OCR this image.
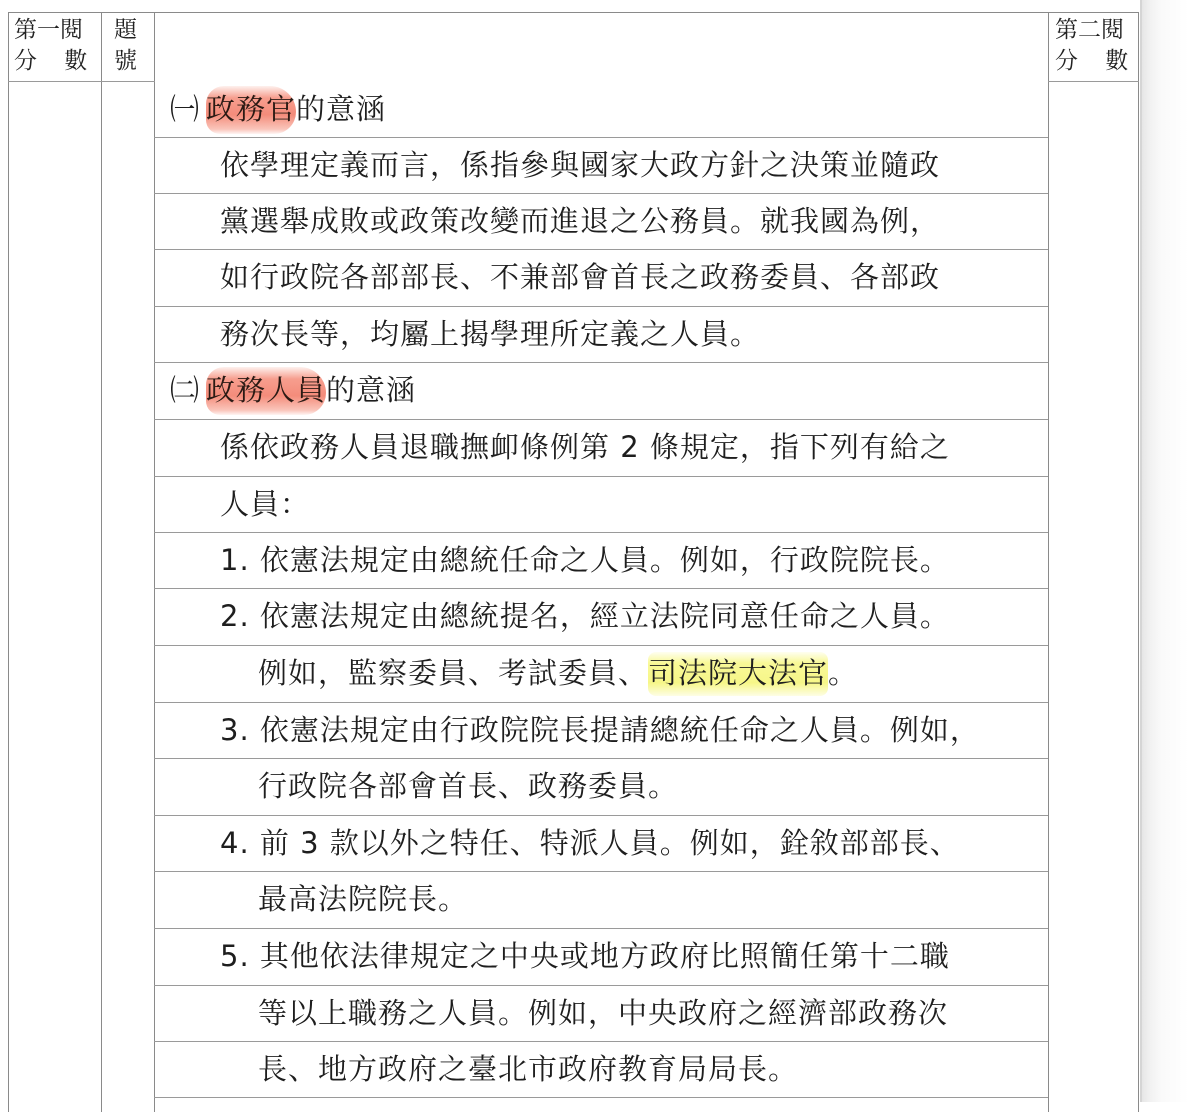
第一閱
分 數
題
號
第二閱
分 數
㈠ 政務官的意涵
依學理定義而言，係指參與國家大政方針之決策並隨政
黨選舉成敗或政策改變而進退之公務員。就我國為例，
如行政院各部部長、不兼部會首長之政務委員、各部政
務次長等，均屬上揭學理所定義之人員。
㈡ 政務人員的意涵
係依政務人員退職撫卹條例第 2 條規定，指下列有給之
人員：
1. 依憲法規定由總統任命之人員。例如，行政院院長。
2. 依憲法規定由總統提名，經立法院同意任命之人員。
例如，監察委員、考試委員、司法院大法官。
3. 依憲法規定由行政院院長提請總統任命之人員。例如，
行政院各部會首長、政務委員。
4. 前 3 款以外之特任、特派人員。例如，銓敘部部長、
最高法院院長。
5. 其他依法律規定之中央或地方政府比照簡任第十二職
等以上職務之人員。例如，中央政府之經濟部政務次
長、地方政府之臺北市政府教育局局長。
